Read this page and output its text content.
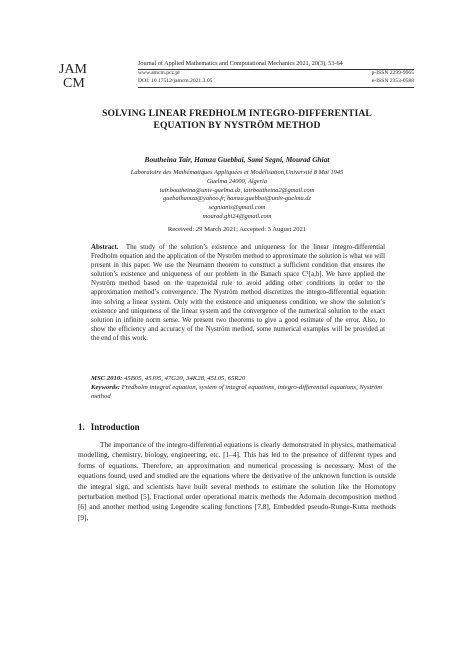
JAM
CM
Journal of Applied Mathematics and Computational Mechanics 2021, 20(3), 53-64
www.amcm.pcz.pl
DOI: 10.17512/jamcm.2021.3.05
p-ISSN 2299-9965
e-ISSN 2353-0588
SOLVING LINEAR FREDHOLM INTEGRO-DIFFERENTIAL
EQUATION BY NYSTRÖM METHOD
Boutheina Tair, Hamza Guebbai, Sami Segni, Mourad Ghiat
Laboratoire des Mathématiques Appliquées et Modélisation,Université 8 Mai 1945
Guelma 24000, Algeria
tair.boutheina@univ-guelma.dz, tairboutheina2@gmail.com
guebaihamza@yahoo.fr, hamza.guebbai@univ-guelma.dz
segnianis@gmail.com
mourad.ghi24@gmail.com
Received: 29 March 2021; Accepted: 3 August 2021
Abstract. The study of the solution’s existence and uniqueness for the linear integro-differential Fredholm equation and the application of the Nyström method to approximate the solution is what we will present in this paper. We use the Neumann theorem to construct a sufficient condition that ensures the solution’s existence and uniqueness of our problem in the Banach space C¹[a,b]. We have applied the Nyström method based on the trapezoidal rule to avoid adding other conditions in order to the approximation method’s convergence. The Nyström method discretizes the integro-differential equation into solving a linear system. Only with the existence and uniqueness condition, we show the solution’s existence and uniqueness of the linear system and the convergence of the numerical solution to the exact solution in infinite norm sense. We present two theorems to give a good estimate of the error. Also, to show the efficiency and accuracy of the Nyström method, some numerical examples will be provided at the end of this work.
MSC 2010: 45B05, 45J05, 47G20, 34K28, 45L05, 65R20
Keywords: Fredholm integral equation, system of integral equations, integro-differential equations, Nyström method
1. Introduction
The importance of the integro-differential equations is clearly demonstrated in physics, mathematical modelling, chemistry, biology, engineering, etc. [1–4]. This has led to the presence of different types and forms of equations. Therefore, an approximation and numerical processing is necessary. Most of the equations found, used and studied are the equations where the derivative of the unknown function is outside the integral sign, and scientists have built several methods to estimate the solution like the Homotopy perturbation method [5], Fractional order operational matrix methods the Adomain decomposition method [6] and another method using Legendre scaling functions [7,8], Embedded pseudo-Runge-Kutta methods [9],
